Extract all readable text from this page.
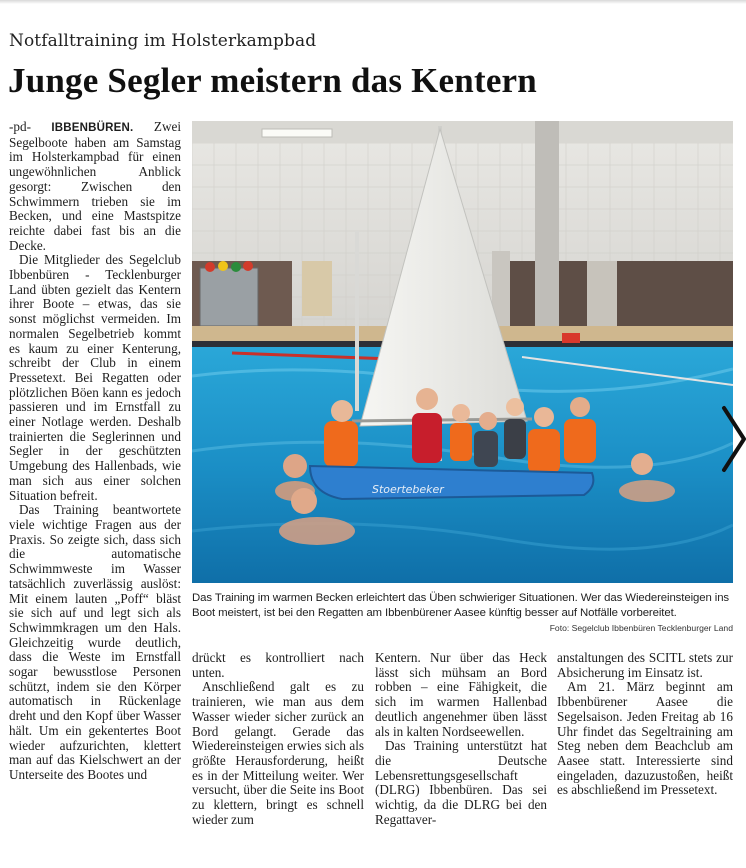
Notfalltraining im Holsterkampbad
Junge Segler meistern das Kentern

-pd- IBBENBÜREN. Zwei Segelboote haben am Samstag im Holsterkampbad für einen ungewöhnlichen Anblick gesorgt: Zwischen den Schwimmern trieben sie im Becken, und eine Mastspitze reichte dabei fast bis an die Decke.

Die Mitglieder des Segelclub Ibbenbüren - Tecklenburger Land übten gezielt das Kentern ihrer Boote – etwas, das sie sonst möglichst vermeiden. Im normalen Segelbetrieb kommt es kaum zu einer Kenterung, schreibt der Club in einem Pressetext. Bei Regatten oder plötzlichen Böen kann es jedoch passieren und im Ernstfall zu einer Notlage werden. Deshalb trainierten die Seglerinnen und Segler in der geschützten Umgebung des Hallenbads, wie man sich aus einer solchen Situation befreit.

Das Training beantwortete viele wichtige Fragen aus der Praxis. So zeigte sich, dass sich die automatische Schwimmweste im Wasser tatsächlich zuverlässig auslöst: Mit einem lauten „Poff“ bläst sie sich auf und legt sich als Schwimmkragen um den Hals. Gleichzeitig wurde deutlich, dass die Weste im Ernstfall sogar bewusstlose Personen schützt, indem sie den Körper automatisch in Rückenlage dreht und den Kopf über Wasser hält. Um ein gekentertes Boot wieder aufzurichten, klettert man auf das Kielschwert an der Unterseite des Bootes und

Stoertebeker
Das Training im warmen Becken erleichtert das Üben schwieriger Situationen. Wer das Wiedereinsteigen ins Boot meistert, ist bei den Regatten am Ibbenbürener Aasee künftig besser auf Notfälle vorbereitet.
Foto: Segelclub Ibbenbüren Tecklenburger Land

drückt es kontrolliert nach unten.

Anschließend galt es zu trainieren, wie man aus dem Wasser wieder sicher zurück an Bord gelangt. Gerade das Wiedereinsteigen erwies sich als größte Herausforderung, heißt es in der Mitteilung weiter. Wer versucht, über die Seite ins Boot zu klettern, bringt es schnell wieder zum

Kentern. Nur über das Heck lässt sich mühsam an Bord robben – eine Fähigkeit, die sich im warmen Hallenbad deutlich angenehmer üben lässt als in kalten Nordseewellen.

Das Training unterstützt hat die Deutsche Lebensrettungsgesellschaft (DLRG) Ibbenbüren. Das sei wichtig, da die DLRG bei den Regattaver-

anstaltungen des SCITL stets zur Absicherung im Einsatz ist.

Am 21. März beginnt am Ibbenbürener Aasee die Segelsaison. Jeden Freitag ab 16 Uhr findet das Segeltraining am Steg neben dem Beachclub am Aasee statt. Interessierte sind eingeladen, dazuzustoßen, heißt es abschließend im Pressetext.
